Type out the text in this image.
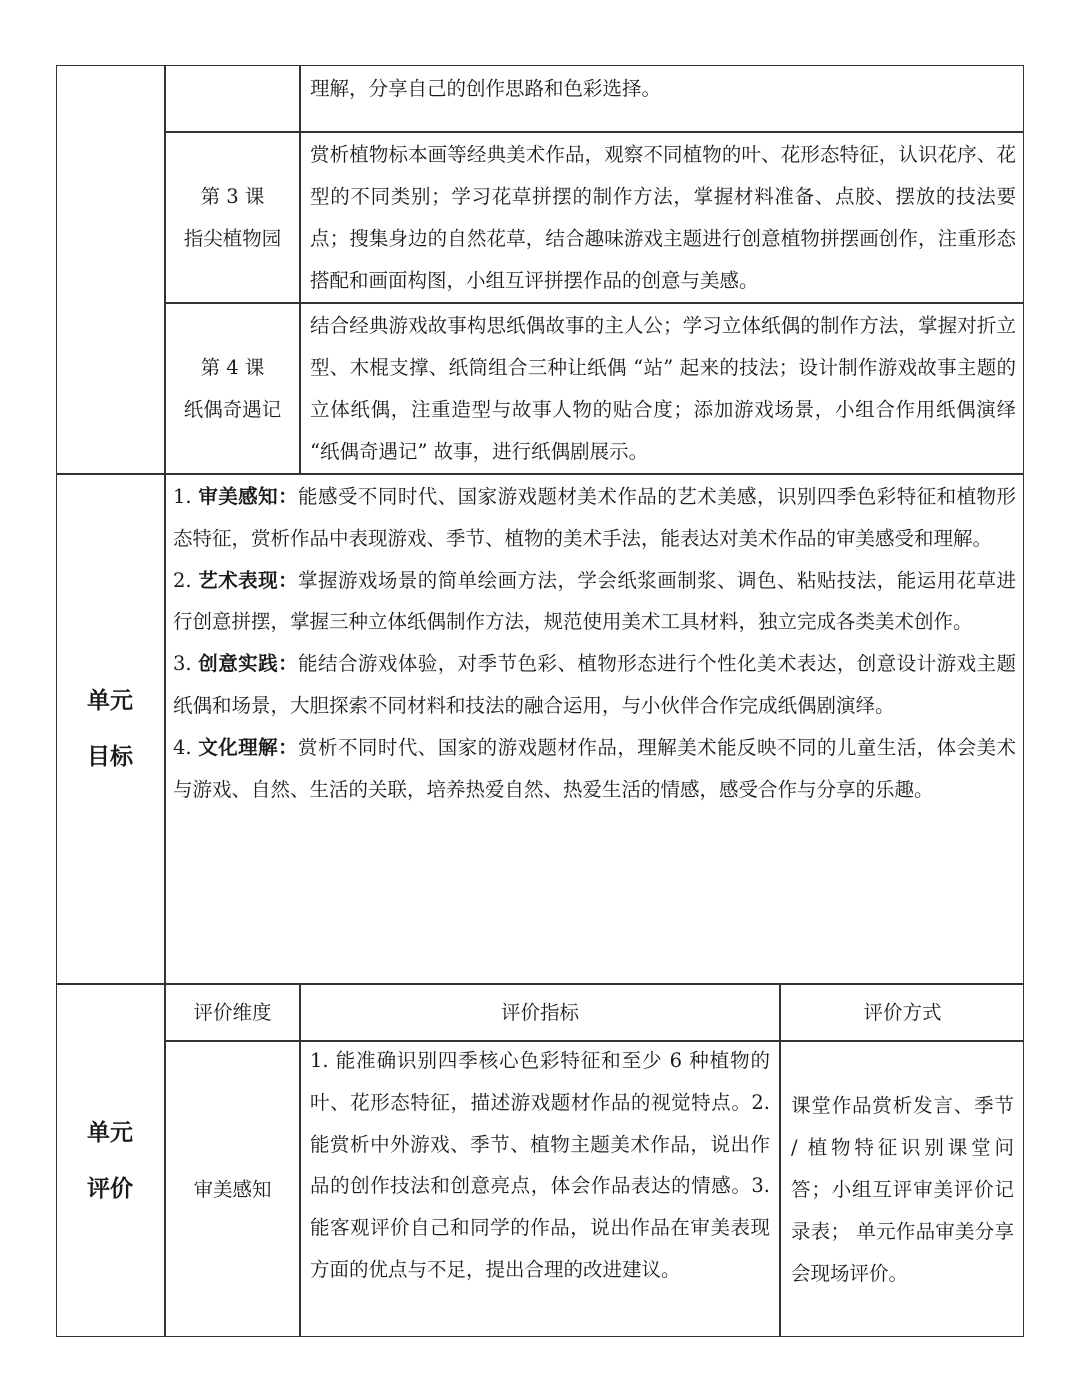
理解，分享自己的创作思路和色彩选择。

第 3 课

指尖植物园

赏析植物标本画等经典美术作品，观察不同植物的叶、花形态特征，认识花序、花型的不同类别；学习花草拼摆的制作方法，掌握材料准备、点胶、摆放的技法要点；搜集身边的自然花草，结合趣味游戏主题进行创意植物拼摆画创作，注重形态搭配和画面构图，小组互评拼摆作品的创意与美感。

第 4 课

纸偶奇遇记

结合经典游戏故事构思纸偶故事的主人公；学习立体纸偶的制作方法，掌握对折立型、木棍支撑、纸筒组合三种让纸偶 “站” 起来的技法；设计制作游戏故事主题的立体纸偶，注重造型与故事人物的贴合度；添加游戏场景，小组合作用纸偶演绎 “纸偶奇遇记” 故事，进行纸偶剧展示。

单元

目标

1. 审美感知：能感受不同时代、国家游戏题材美术作品的艺术美感，识别四季色彩特征和植物形态特征，赏析作品中表现游戏、季节、植物的美术手法，能表达对美术作品的审美感受和理解。

2. 艺术表现：掌握游戏场景的简单绘画方法，学会纸浆画制浆、调色、粘贴技法，能运用花草进行创意拼摆，掌握三种立体纸偶制作方法，规范使用美术工具材料，独立完成各类美术创作。

3. 创意实践：能结合游戏体验，对季节色彩、植物形态进行个性化美术表达，创意设计游戏主题纸偶和场景，大胆探索不同材料和技法的融合运用，与小伙伴合作完成纸偶剧演绎。

4. 文化理解：赏析不同时代、国家的游戏题材作品，理解美术能反映不同的儿童生活，体会美术与游戏、自然、生活的关联，培养热爱自然、热爱生活的情感，感受合作与分享的乐趣。

单元

评价

评价维度	评价指标	评价方式

审美感知

1. 能准确识别四季核心色彩特征和至少 6 种植物的叶、花形态特征，描述游戏题材作品的视觉特点。2. 能赏析中外游戏、季节、植物主题美术作品，说出作品的创作技法和创意亮点，体会作品表达的情感。3. 能客观评价自己和同学的作品，说出作品在审美表现方面的优点与不足，提出合理的改进建议。

课堂作品赏析发言、季节 / 植物特征识别课堂问答；小组互评审美评价记录表； 单元作品审美分享会现场评价。
